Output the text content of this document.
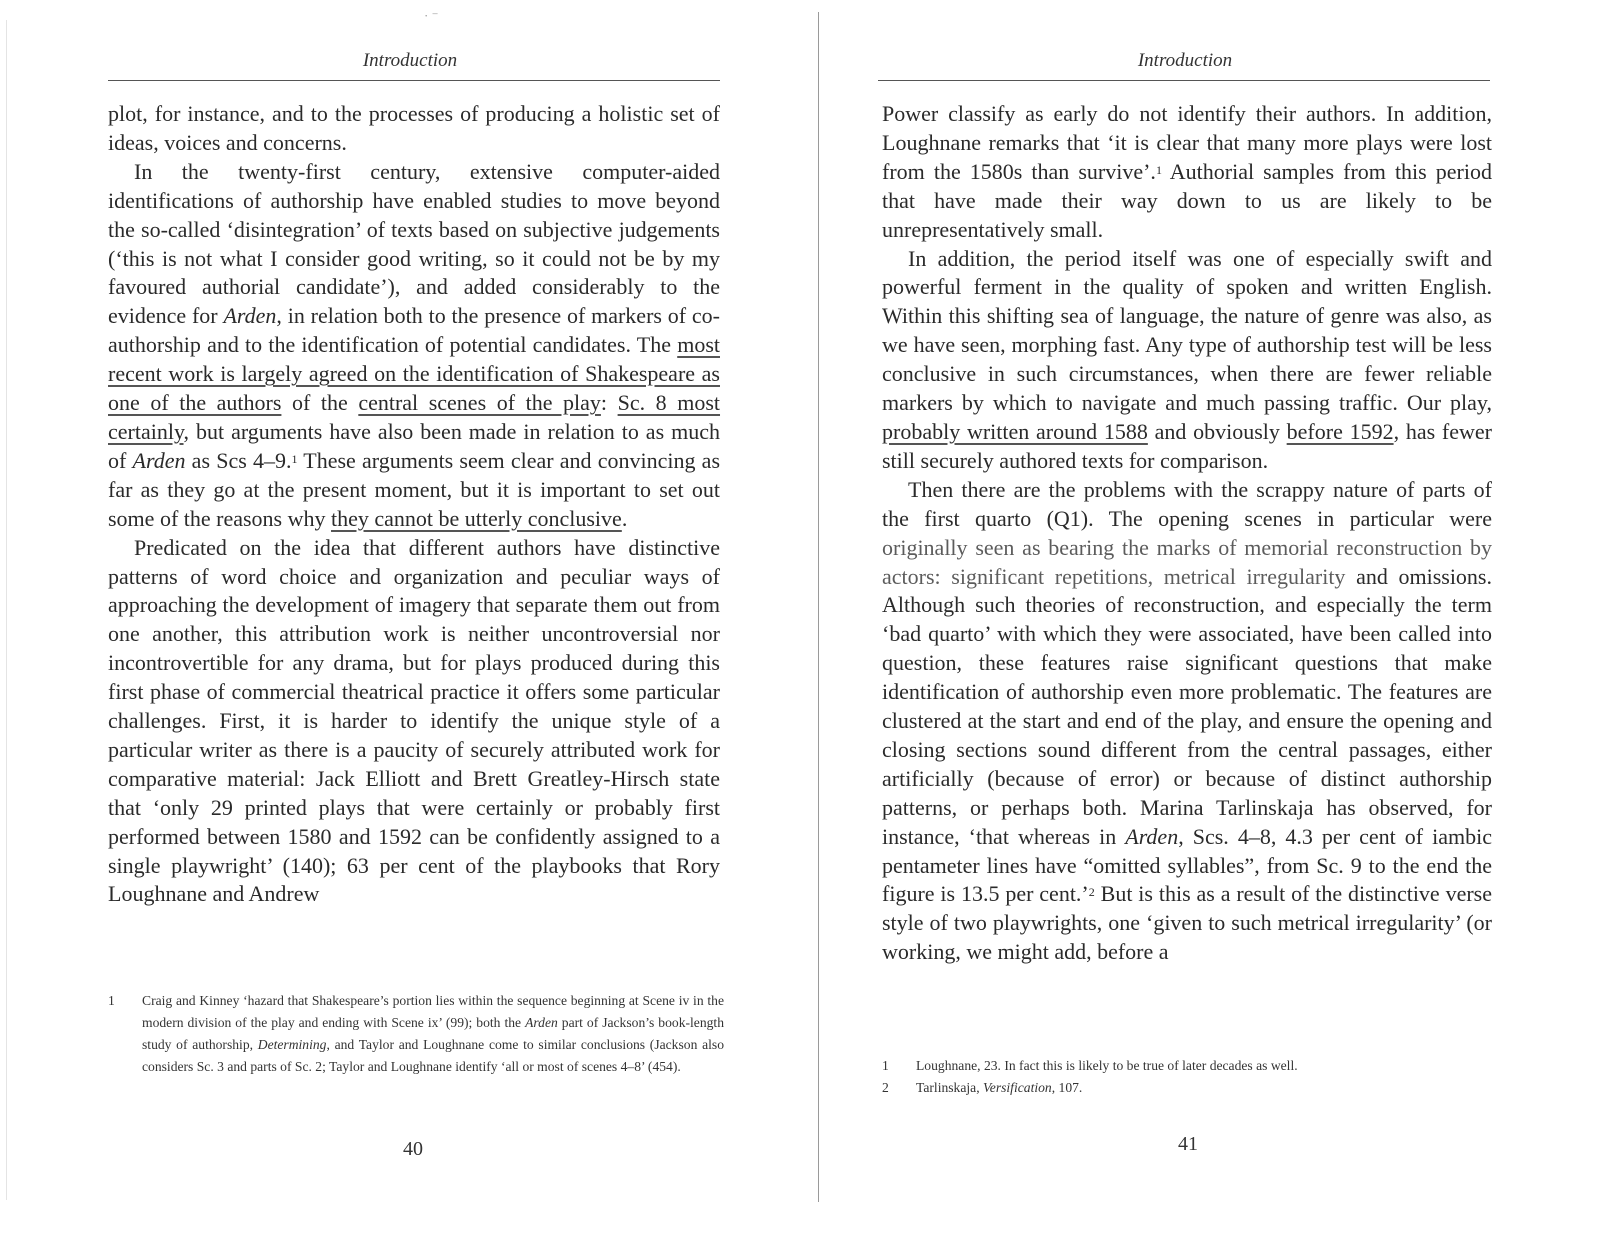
· ⁻
Introduction

plot, for instance, and to the processes of producing a holistic set of ideas, voices and concerns.

In the twenty-first century, extensive computer-aided identifications of authorship have enabled studies to move beyond the so-called ‘disintegration’ of texts based on subjective judgements (‘this is not what I consider good writing, so it could not be by my favoured authorial candidate’), and added considerably to the evidence for Arden, in relation both to the presence of markers of co-authorship and to the identification of potential candidates. The most recent work is largely agreed on the identification of Shakespeare as one of the authors of the central scenes of the play: Sc. 8 most certainly, but arguments have also been made in relation to as much of Arden as Scs 4–9.$^1$ These arguments seem clear and convincing as far as they go at the present moment, but it is important to set out some of the reasons why they cannot be utterly conclusive.

Predicated on the idea that different authors have distinctive patterns of word choice and organization and peculiar ways of approaching the development of imagery that separate them out from one another, this attribution work is neither uncontroversial nor incontrovertible for any drama, but for plays produced during this first phase of commercial theatrical practice it offers some particular challenges. First, it is harder to identify the unique style of a particular writer as there is a paucity of securely attributed work for comparative material: Jack Elliott and Brett Greatley-Hirsch state that ‘only 29 printed plays that were certainly or probably first performed between 1580 and 1592 can be confidently assigned to a single playwright’ (140); 63 per cent of the playbooks that Rory Loughnane and Andrew

1	Craig and Kinney ‘hazard that Shakespeare’s portion lies within the sequence beginning at Scene iv in the modern division of the play and ending with Scene ix’ (99); both the Arden part of Jackson’s book-length study of authorship, Determining, and Taylor and Loughnane come to similar conclusions (Jackson also considers Sc. 3 and parts of Sc. 2; Taylor and Loughnane identify ‘all or most of scenes 4–8’ (454).
40
Introduction

Power classify as early do not identify their authors. In addition, Loughnane remarks that ‘it is clear that many more plays were lost from the 1580s than survive’.$^1$ Authorial samples from this period that have made their way down to us are likely to be unrepresentatively small.

In addition, the period itself was one of especially swift and powerful ferment in the quality of spoken and written English. Within this shifting sea of language, the nature of genre was also, as we have seen, morphing fast. Any type of authorship test will be less conclusive in such circumstances, when there are fewer reliable markers by which to navigate and much passing traffic. Our play, probably written around 1588 and obviously before 1592, has fewer still securely authored texts for comparison.

Then there are the problems with the scrappy nature of parts of the first quarto (Q1). The opening scenes in particular were originally seen as bearing the marks of memorial reconstruction by actors: significant repetitions, metrical irregularity and omissions. Although such theories of reconstruction, and especially the term ‘bad quarto’ with which they were associated, have been called into question, these features raise significant questions that make identification of authorship even more problematic. The features are clustered at the start and end of the play, and ensure the opening and closing sections sound different from the central passages, either artificially (because of error) or because of distinct authorship patterns, or perhaps both. Marina Tarlinskaja has observed, for instance, ‘that whereas in Arden, Scs. 4–8, 4.3 per cent of iambic pentameter lines have “omitted syllables”, from Sc. 9 to the end the figure is 13.5 per cent.’$^2$ But is this as a result of the distinctive verse style of two playwrights, one ‘given to such metrical irregularity’ (or working, we might add, before a

1	Loughnane, 23. In fact this is likely to be true of later decades as well.
2	Tarlinskaja, Versification, 107.
41
